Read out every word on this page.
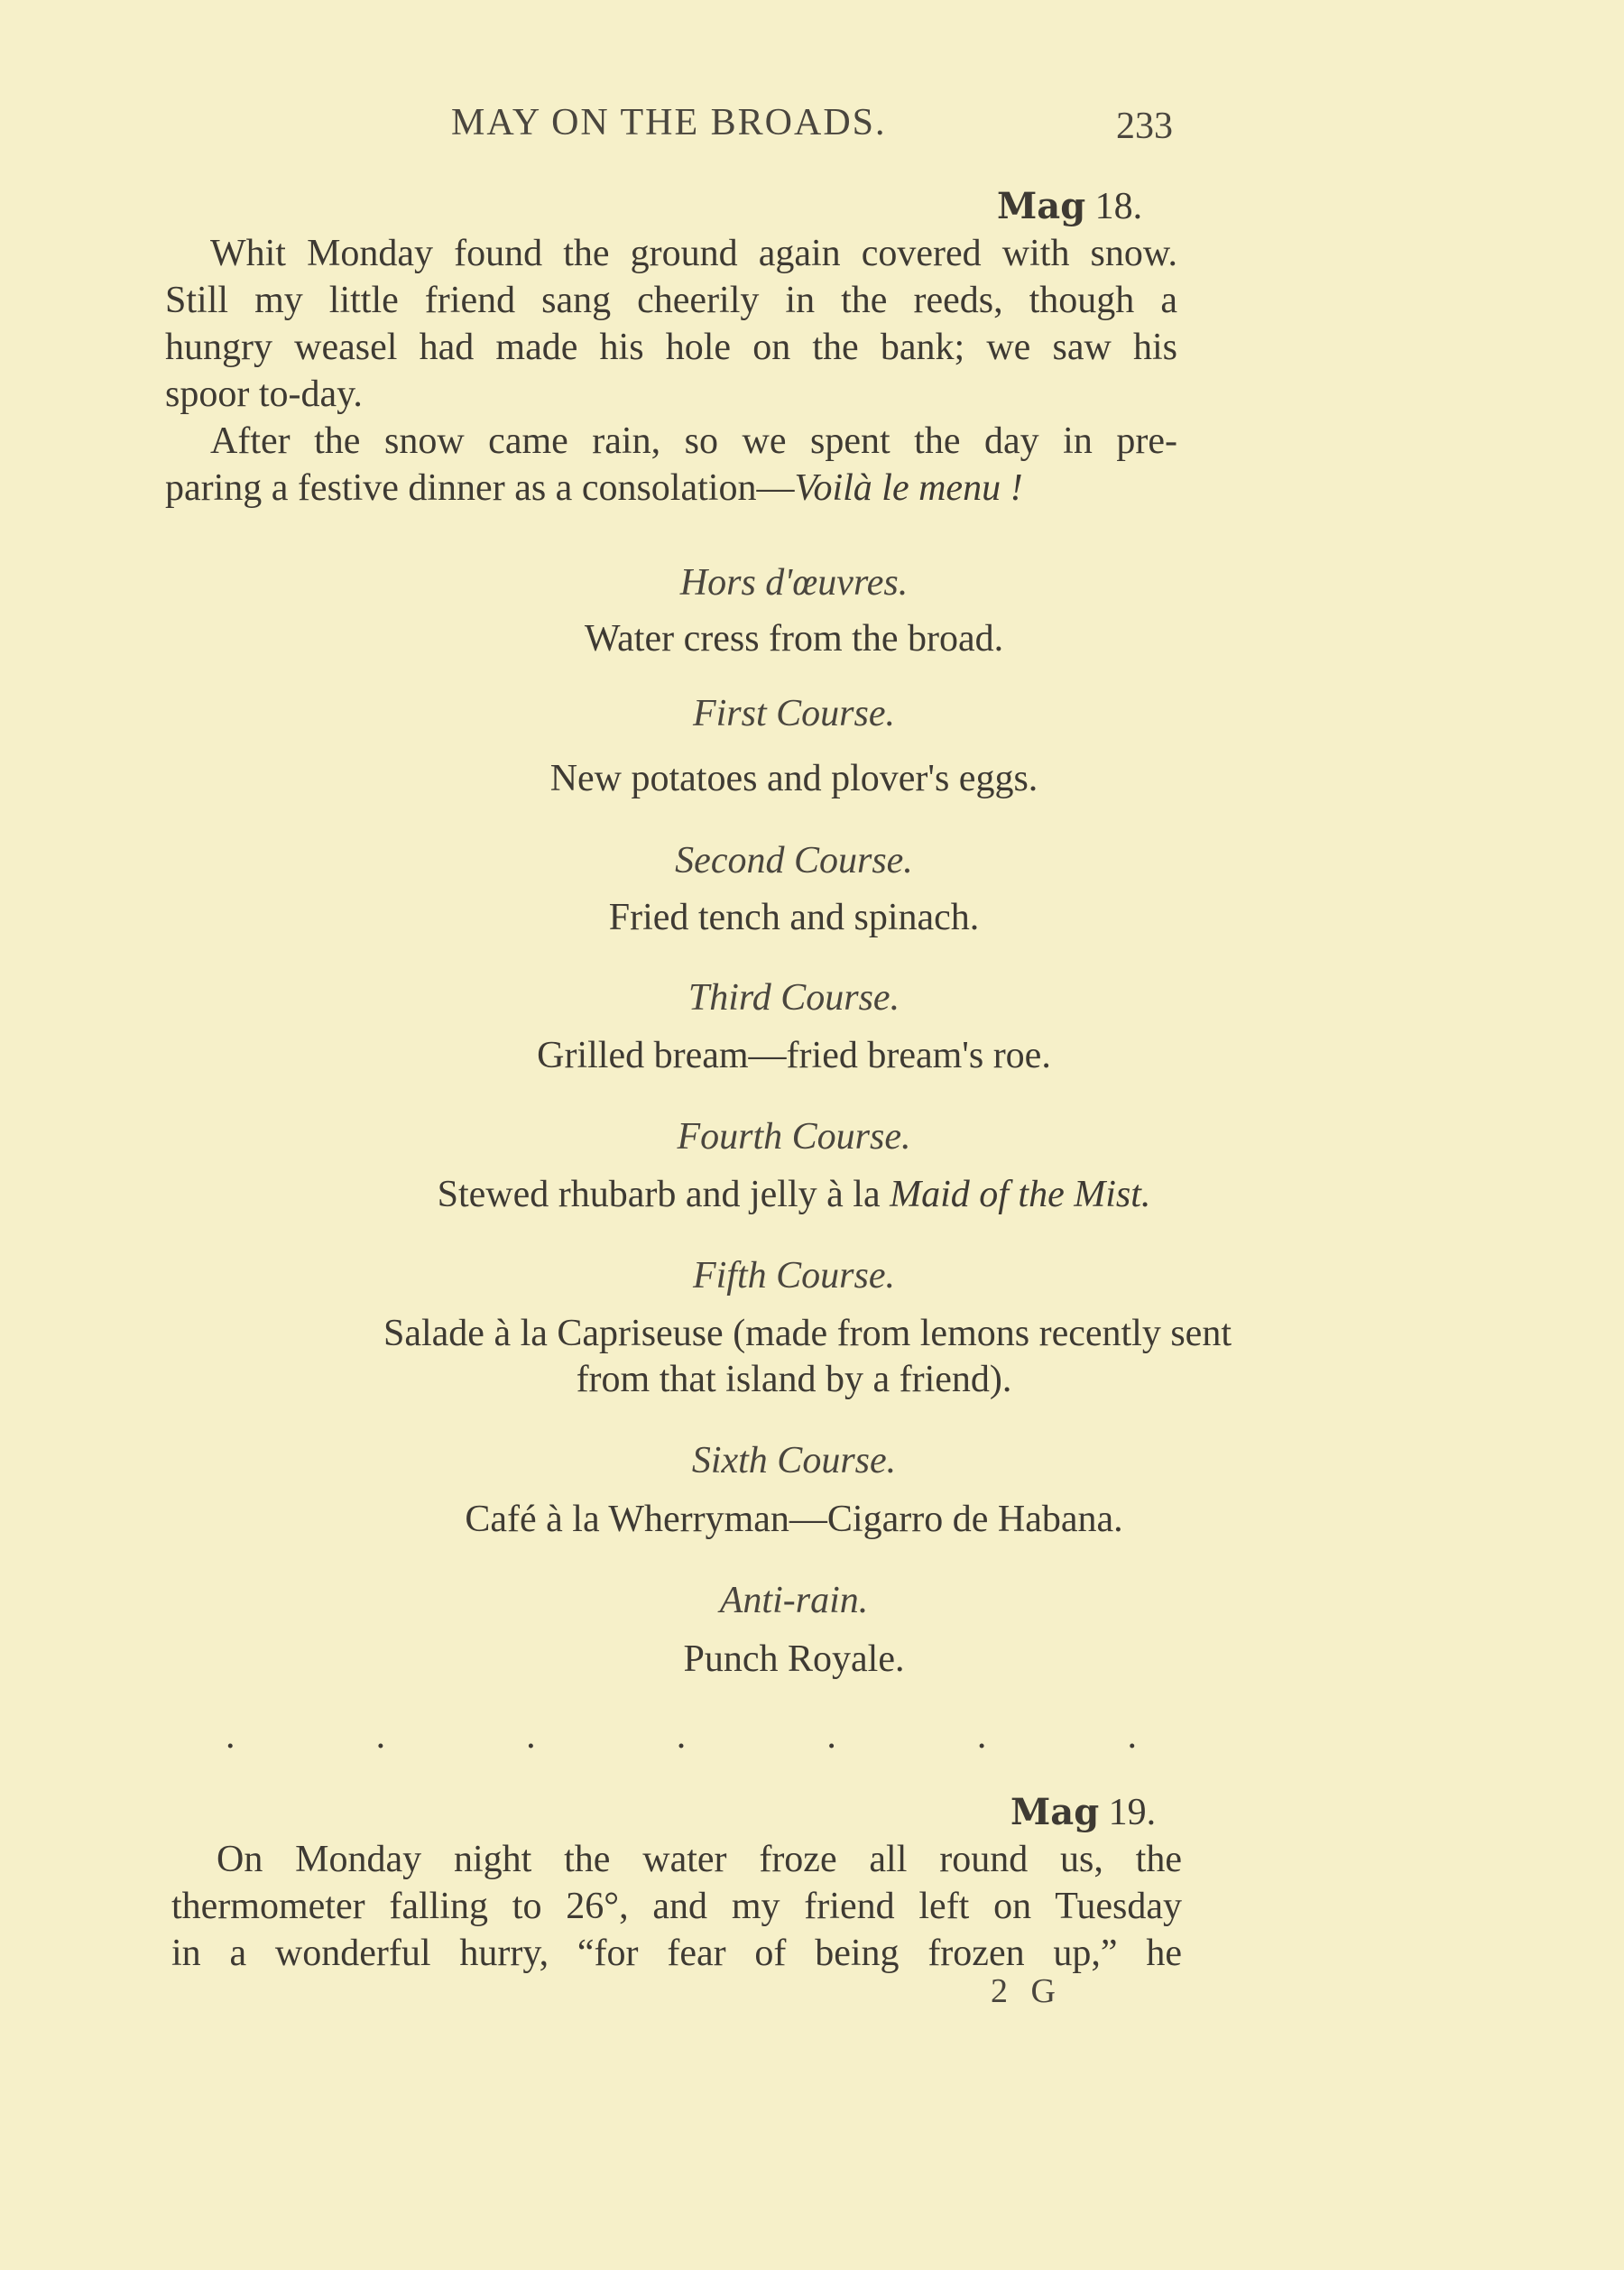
MAY ON THE BROADS.	233
Mag 18.
Whit Monday found the ground again covered with snow.
Still my little friend sang cheerily in the reeds, though a
hungry weasel had made his hole on the bank; we saw his
spoor to-day.
After the snow came rain, so we spent the day in pre-
paring a festive dinner as a consolation—Voilà le menu !
Hors d'œuvres.
Water cress from the broad.
First Course.
New potatoes and plover's eggs.
Second Course.
Fried tench and spinach.
Third Course.
Grilled bream—fried bream's roe.
Fourth Course.
Stewed rhubarb and jelly à la Maid of the Mist.
Fifth Course.
Salade à la Capriseuse (made from lemons recently sent
from that island by a friend).
Sixth Course.
Café à la Wherryman—Cigarro de Habana.
Anti-rain.
Punch Royale.
.	.	.	.	.	.	.
Mag 19.
On Monday night the water froze all round us, the
thermometer falling to 26°, and my friend left on Tuesday
in a wonderful hurry, “for fear of being frozen up,” he
2 G
